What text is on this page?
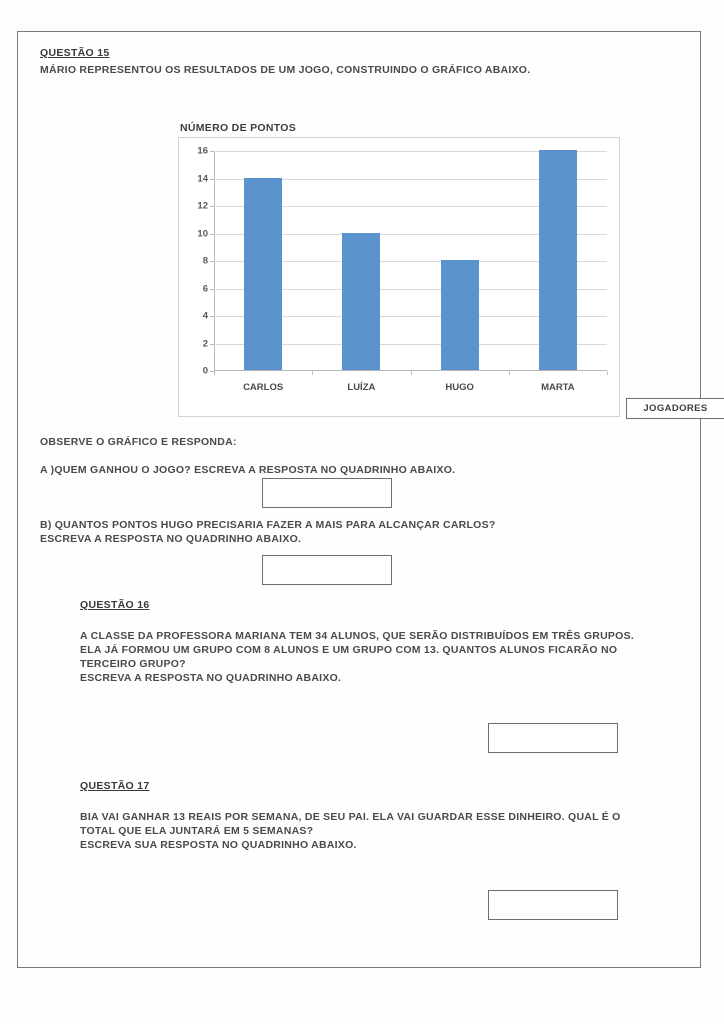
QUESTÃO 15
MÁRIO REPRESENTOU OS RESULTADOS DE UM JOGO, CONSTRUINDO O GRÁFICO ABAIXO.
NÚMERO DE PONTOS
0
2
4
6
8
10
12
14
16
CARLOS	LUÍZA	HUGO	MARTA
JOGADORES
OBSERVE O GRÁFICO E RESPONDA:
A )QUEM GANHOU O JOGO? ESCREVA A RESPOSTA NO QUADRINHO ABAIXO.
B) QUANTOS PONTOS HUGO PRECISARIA FAZER A MAIS PARA ALCANÇAR CARLOS?
ESCREVA A RESPOSTA NO QUADRINHO ABAIXO.
QUESTÃO 16
A CLASSE DA PROFESSORA MARIANA TEM 34 ALUNOS, QUE SERÃO DISTRIBUÍDOS EM TRÊS GRUPOS.
ELA JÁ FORMOU UM GRUPO COM 8 ALUNOS E UM GRUPO COM 13. QUANTOS ALUNOS FICARÃO NO
TERCEIRO GRUPO?
ESCREVA A RESPOSTA NO QUADRINHO ABAIXO.
QUESTÃO 17
BIA VAI GANHAR 13 REAIS POR SEMANA, DE SEU PAI. ELA VAI GUARDAR ESSE DINHEIRO. QUAL É O
TOTAL QUE ELA JUNTARÁ EM 5 SEMANAS?
ESCREVA SUA RESPOSTA NO QUADRINHO ABAIXO.
